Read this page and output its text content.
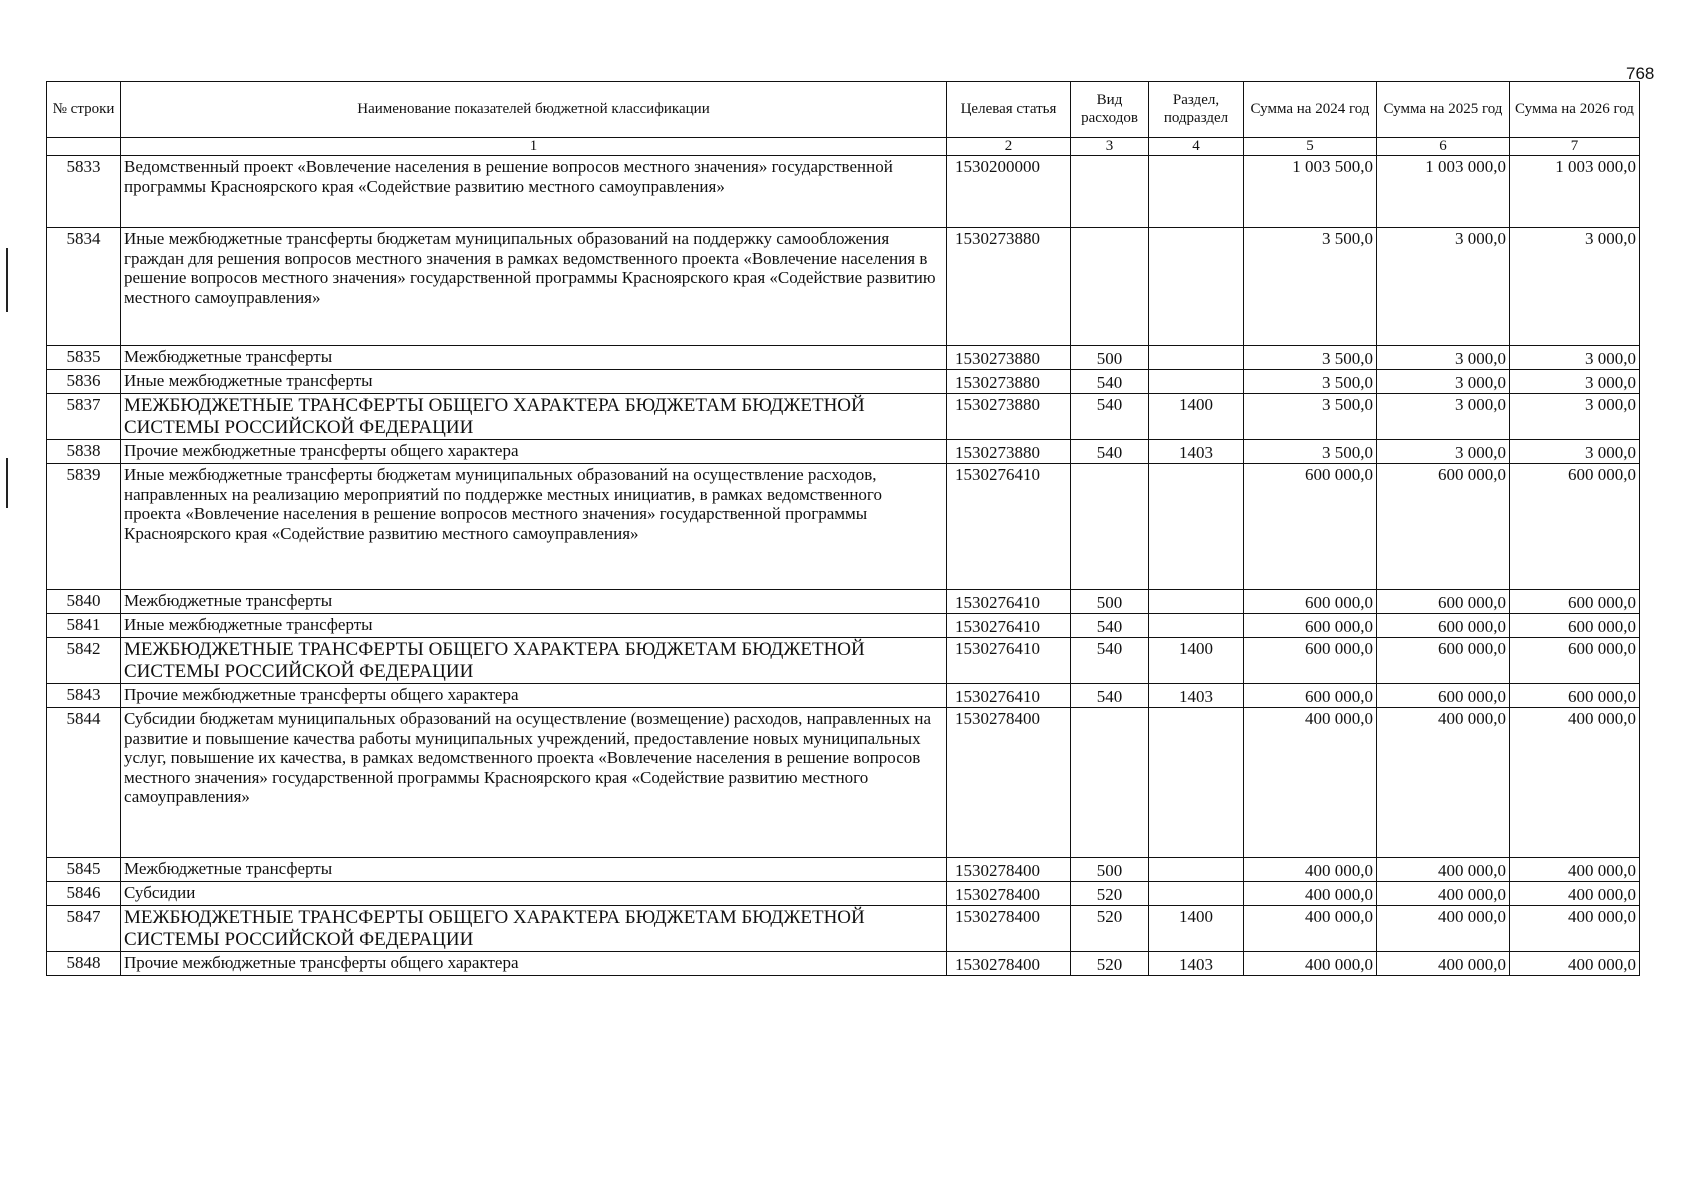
768
№ строки	Наименование показателей бюджетной классификации	Целевая статья	Вид расходов	Раздел, подраздел	Сумма на 2024 год	Сумма на 2025 год	Сумма на 2026 год
	1	2	3	4	5	6	7
5833	Ведомственный проект «Вовлечение населения в решение вопросов местного значения» государственной программы Красноярского края «Содействие развитию местного самоуправления»	1530200000			1 003 500,0	1 003 000,0	1 003 000,0
5834	Иные межбюджетные трансферты бюджетам муниципальных образований на поддержку самообложения граждан для решения вопросов местного значения в рамках ведомственного проекта «Вовлечение населения в решение вопросов местного значения» государственной программы Красноярского края «Содействие развитию местного самоуправления»	1530273880			3 500,0	3 000,0	3 000,0
5835	Межбюджетные трансферты	1530273880	500		3 500,0	3 000,0	3 000,0
5836	Иные межбюджетные трансферты	1530273880	540		3 500,0	3 000,0	3 000,0
5837	МЕЖБЮДЖЕТНЫЕ ТРАНСФЕРТЫ ОБЩЕГО ХАРАКТЕРА БЮДЖЕТАМ БЮДЖЕТНОЙ СИСТЕМЫ РОССИЙСКОЙ ФЕДЕРАЦИИ	1530273880	540	1400	3 500,0	3 000,0	3 000,0
5838	Прочие межбюджетные трансферты общего характера	1530273880	540	1403	3 500,0	3 000,0	3 000,0
5839	Иные межбюджетные трансферты бюджетам муниципальных образований на осуществление расходов, направленных на реализацию мероприятий по поддержке местных инициатив, в рамках ведомственного проекта «Вовлечение населения в решение вопросов местного значения» государственной программы Красноярского края «Содействие развитию местного самоуправления»	1530276410			600 000,0	600 000,0	600 000,0
5840	Межбюджетные трансферты	1530276410	500		600 000,0	600 000,0	600 000,0
5841	Иные межбюджетные трансферты	1530276410	540		600 000,0	600 000,0	600 000,0
5842	МЕЖБЮДЖЕТНЫЕ ТРАНСФЕРТЫ ОБЩЕГО ХАРАКТЕРА БЮДЖЕТАМ БЮДЖЕТНОЙ СИСТЕМЫ РОССИЙСКОЙ ФЕДЕРАЦИИ	1530276410	540	1400	600 000,0	600 000,0	600 000,0
5843	Прочие межбюджетные трансферты общего характера	1530276410	540	1403	600 000,0	600 000,0	600 000,0
5844	Субсидии бюджетам муниципальных образований на осуществление (возмещение) расходов, направленных на развитие и повышение качества работы муниципальных учреждений, предоставление новых муниципальных услуг, повышение их качества, в рамках ведомственного проекта «Вовлечение населения в решение вопросов местного значения» государственной программы Красноярского края «Содействие развитию местного самоуправления»	1530278400			400 000,0	400 000,0	400 000,0
5845	Межбюджетные трансферты	1530278400	500		400 000,0	400 000,0	400 000,0
5846	Субсидии	1530278400	520		400 000,0	400 000,0	400 000,0
5847	МЕЖБЮДЖЕТНЫЕ ТРАНСФЕРТЫ ОБЩЕГО ХАРАКТЕРА БЮДЖЕТАМ БЮДЖЕТНОЙ СИСТЕМЫ РОССИЙСКОЙ ФЕДЕРАЦИИ	1530278400	520	1400	400 000,0	400 000,0	400 000,0
5848	Прочие межбюджетные трансферты общего характера	1530278400	520	1403	400 000,0	400 000,0	400 000,0
